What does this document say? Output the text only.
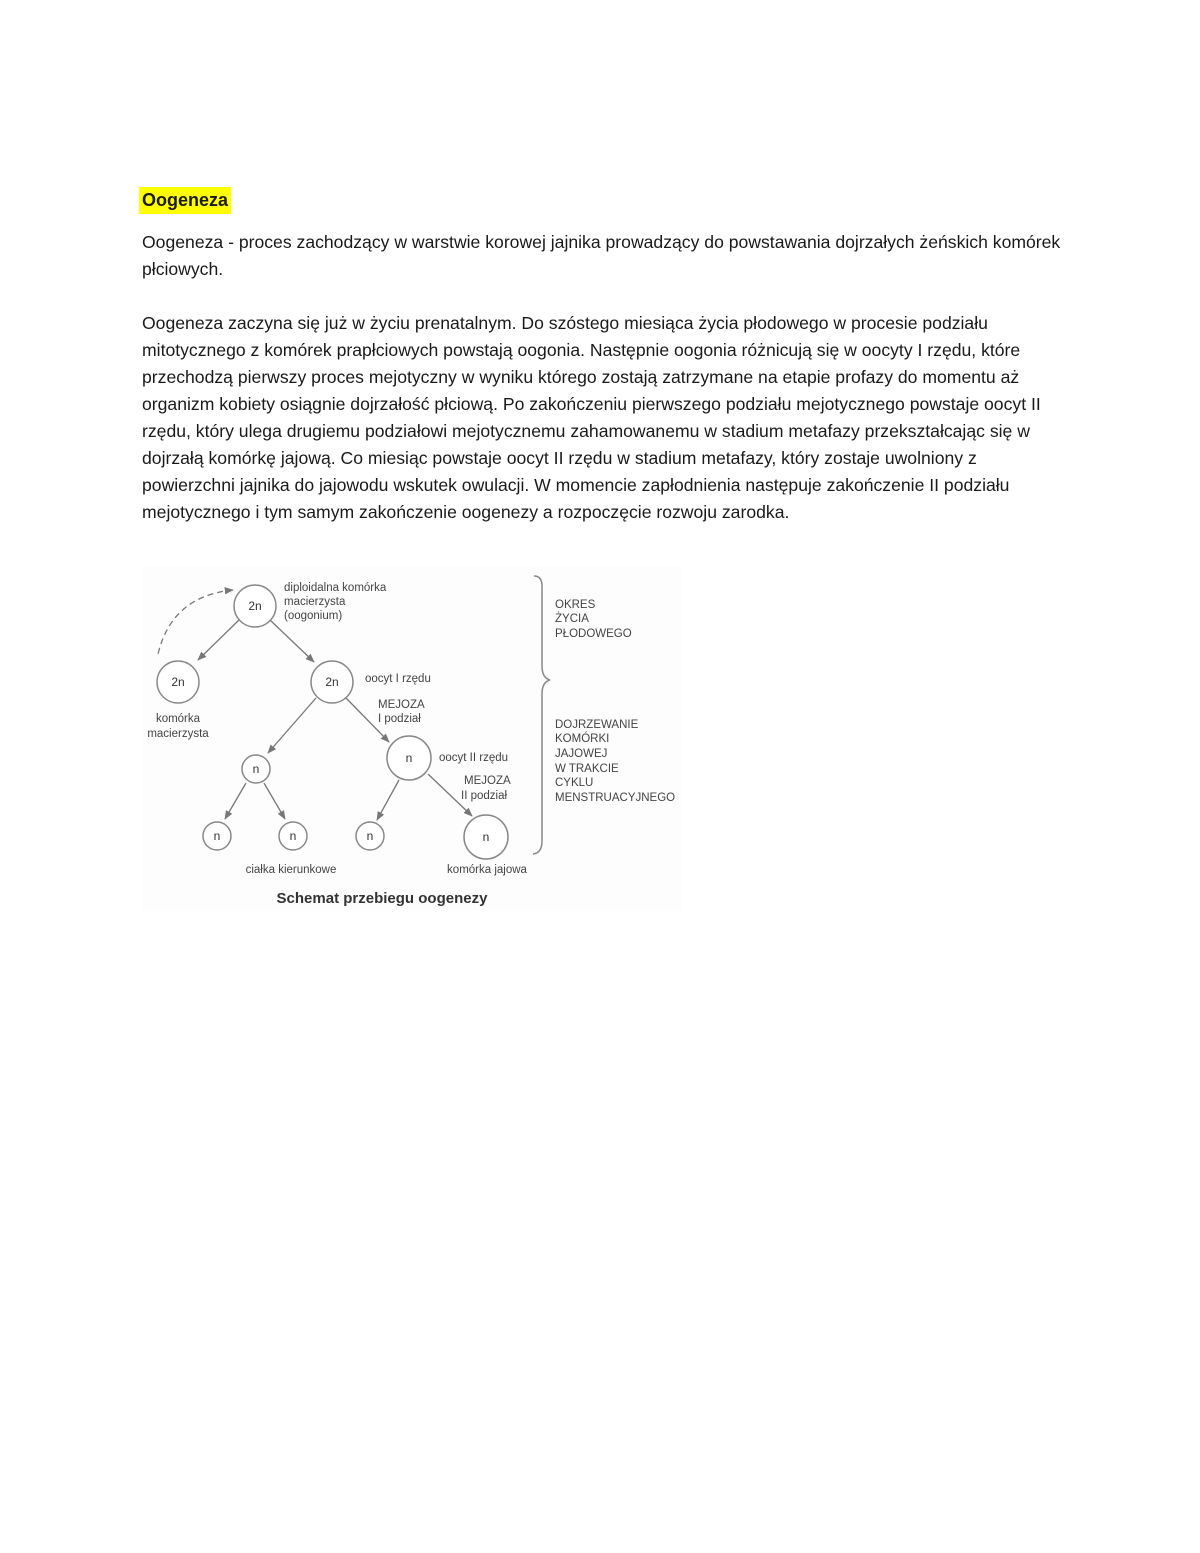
Oogeneza

Oogeneza - proces zachodzący w warstwie korowej jajnika prowadzący do powstawania dojrzałych żeńskich komórek płciowych.

Oogeneza zaczyna się już w życiu prenatalnym. Do szóstego miesiąca życia płodowego w procesie podziału mitotycznego z komórek prapłciowych powstają oogonia. Następnie oogonia różnicują się w oocyty I rzędu, które przechodzą pierwszy proces mejotyczny w wyniku którego zostają zatrzymane na etapie profazy do momentu aż organizm kobiety osiągnie dojrzałość płciową. Po zakończeniu pierwszego podziału mejotycznego powstaje oocyt II rzędu, który ulega drugiemu podziałowi mejotycznemu zahamowanemu w stadium metafazy przekształcając się w dojrzałą komórkę jajową. Co miesiąc powstaje oocyt II rzędu w stadium metafazy, który zostaje uwolniony z powierzchni jajnika do jajowodu wskutek owulacji. W momencie zapłodnienia następuje zakończenie II podziału mejotycznego i tym samym zakończenie oogenezy a rozpoczęcie rozwoju zarodka.

2n
2n	2n
n
n
n	n	n	n
diploidalna komórka
macierzysta
(oogonium)
komórka
macierzysta
oocyt I rzędu
MEJOZA
I podział
oocyt II rzędu
MEJOZA
II podział
ciałka kierunkowe	komórka jajowa
OKRES
ŻYCIA
PŁODOWEGO
DOJRZEWANIE
KOMÓRKI
JAJOWEJ
W TRAKCIE
CYKLU
MENSTRUACYJNEGO
Schemat przebiegu oogenezy
